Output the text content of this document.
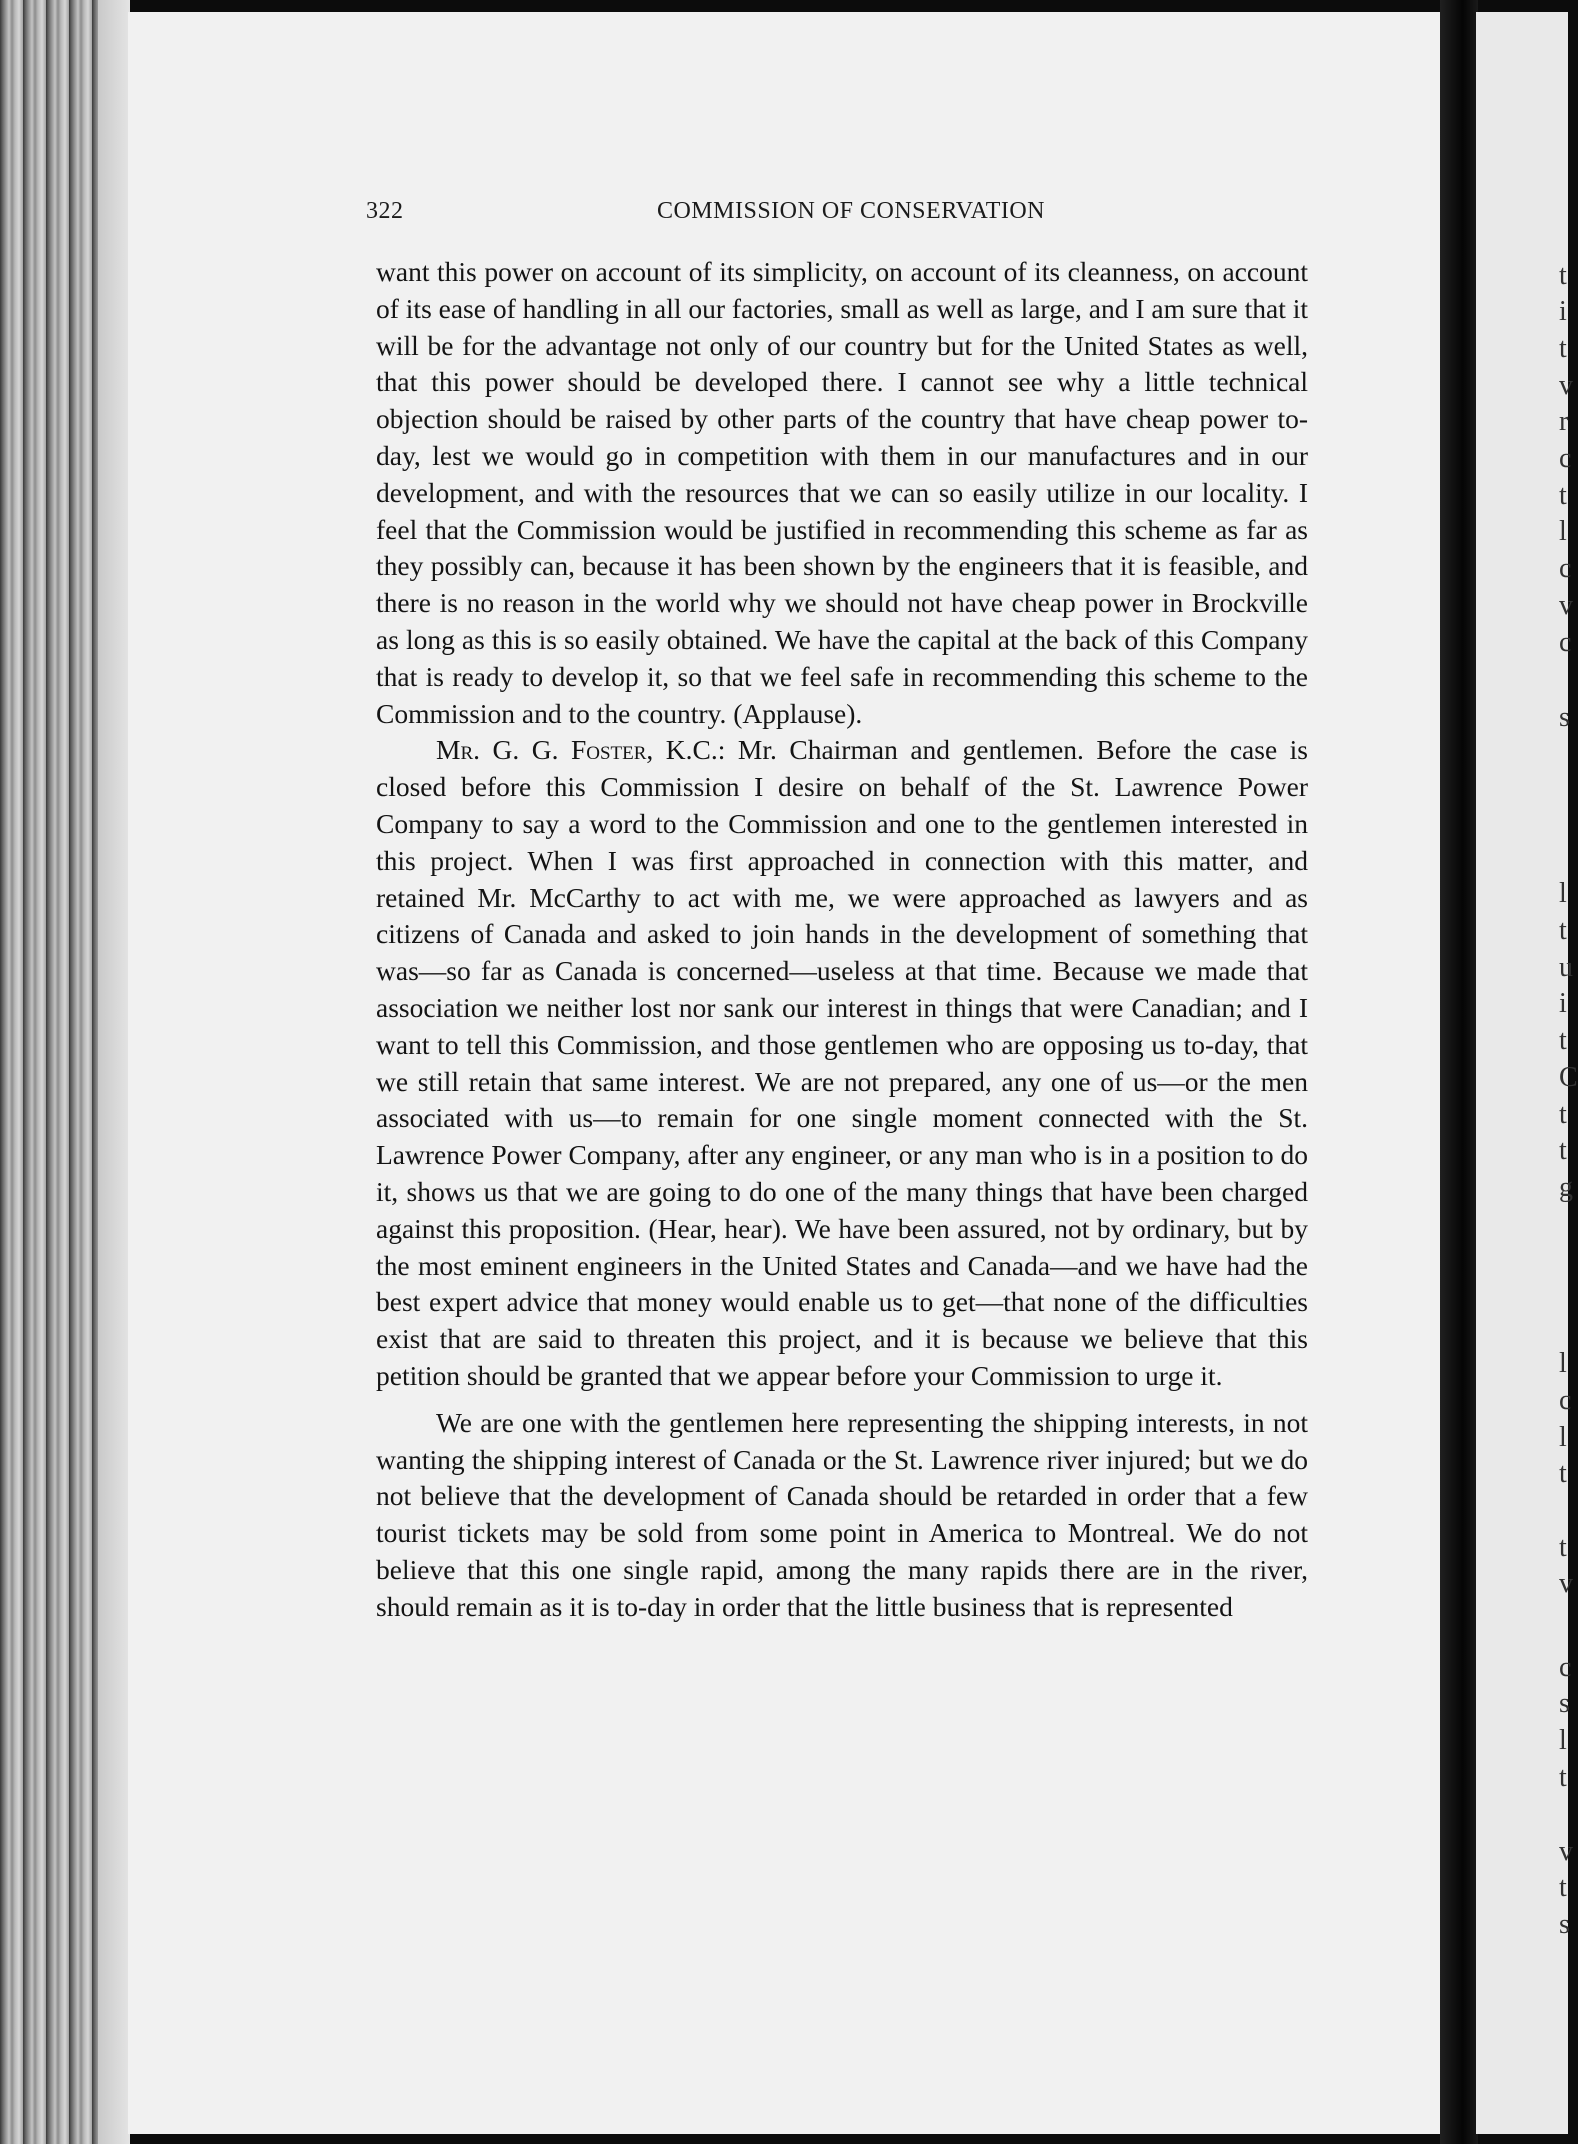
t
i
t
v
r
c
t
l
c
v
c
s
l
t
u
i
t
C
t
t
g
l
c
l
t
t
v
c
s
l
t
v
t
s
322	COMMISSION OF CONSERVATION

want this power on account of its simplicity, on account of its cleanness, on account of its ease of handling in all our factories, small as well as large, and I am sure that it will be for the advantage not only of our country but for the United States as well, that this power should be developed there. I cannot see why a little technical objection should be raised by other parts of the country that have cheap power to-day, lest we would go in competition with them in our manufactures and in our development, and with the resources that we can so easily utilize in our locality. I feel that the Commission would be justified in recommending this scheme as far as they possibly can, because it has been shown by the engineers that it is feasible, and there is no reason in the world why we should not have cheap power in Brockville as long as this is so easily obtained. We have the capital at the back of this Company that is ready to develop it, so that we feel safe in recommending this scheme to the Commission and to the country. (Applause).

Mr. G. G. Foster, K.C.: Mr. Chairman and gentlemen. Before the case is closed before this Commission I desire on behalf of the St. Lawrence Power Company to say a word to the Commission and one to the gentlemen interested in this project. When I was first approached in connection with this matter, and retained Mr. McCarthy to act with me, we were approached as lawyers and as citizens of Canada and asked to join hands in the development of something that was—so far as Canada is concerned—useless at that time. Because we made that association we neither lost nor sank our interest in things that were Canadian; and I want to tell this Commission, and those gentlemen who are opposing us to-day, that we still retain that same interest. We are not prepared, any one of us—or the men associated with us—to remain for one single moment connected with the St. Lawrence Power Company, after any engineer, or any man who is in a position to do it, shows us that we are going to do one of the many things that have been charged against this proposition. (Hear, hear). We have been assured, not by ordinary, but by the most eminent engineers in the United States and Canada—and we have had the best expert advice that money would enable us to get—that none of the difficulties exist that are said to threaten this project, and it is because we believe that this petition should be granted that we appear before your Commission to urge it.

We are one with the gentlemen here representing the shipping interests, in not wanting the shipping interest of Canada or the St. Lawrence river injured; but we do not believe that the development of Canada should be retarded in order that a few tourist tickets may be sold from some point in America to Montreal. We do not believe that this one single rapid, among the many rapids there are in the river, should remain as it is to-day in order that the little business that is represented
